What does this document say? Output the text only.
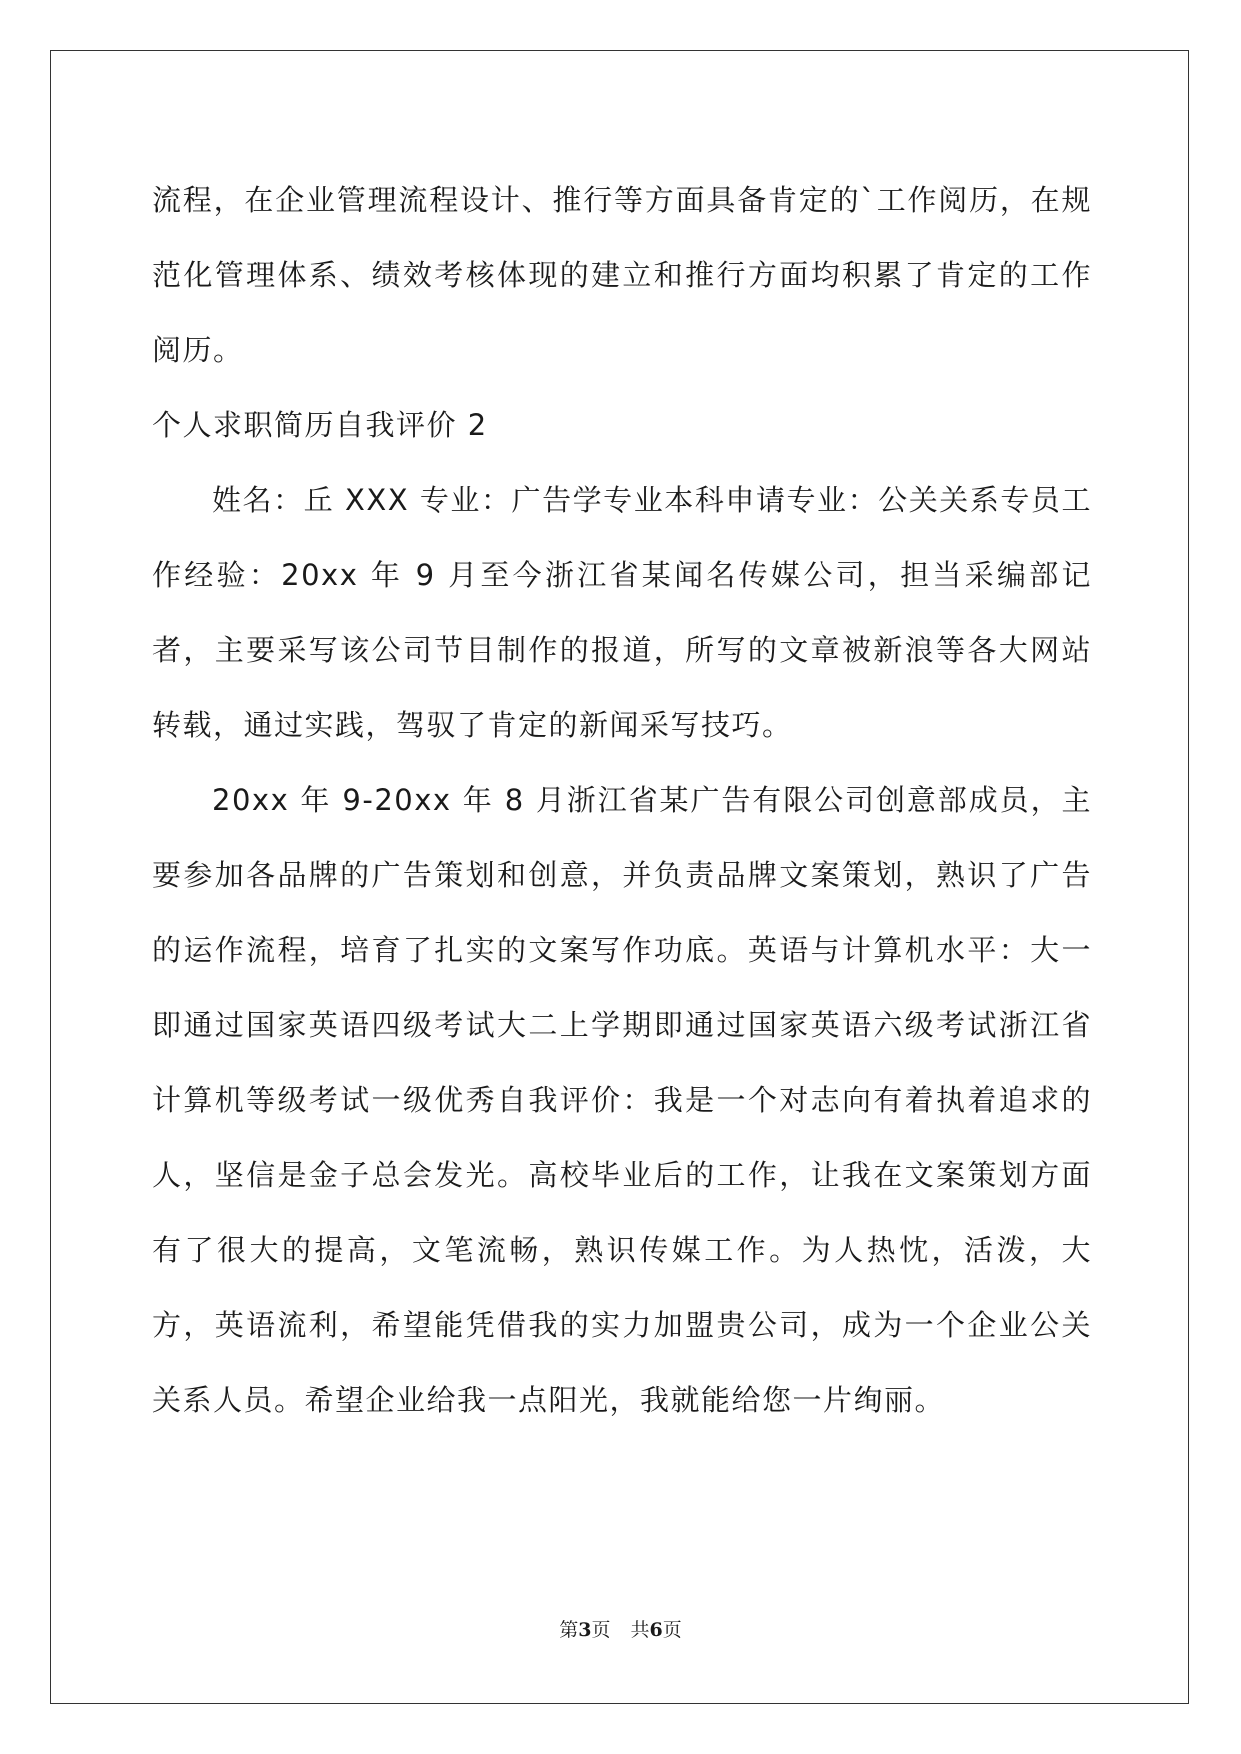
流程，在企业管理流程设计、推行等方面具备肯定的`工作阅历，在规范化管理体系、绩效考核体现的建立和推行方面均积累了肯定的工作阅历。

个人求职简历自我评价 2

姓名：丘 XXX 专业：广告学专业本科申请专业：公关关系专员工作经验：20xx 年 9 月至今浙江省某闻名传媒公司，担当采编部记者，主要采写该公司节目制作的报道，所写的文章被新浪等各大网站转载，通过实践，驾驭了肯定的新闻采写技巧。

20xx 年 9-20xx 年 8 月浙江省某广告有限公司创意部成员，主要参加各品牌的广告策划和创意，并负责品牌文案策划，熟识了广告的运作流程，培育了扎实的文案写作功底。英语与计算机水平：大一即通过国家英语四级考试大二上学期即通过国家英语六级考试浙江省计算机等级考试一级优秀自我评价：我是一个对志向有着执着追求的人，坚信是金子总会发光。高校毕业后的工作，让我在文案策划方面有了很大的提高，文笔流畅，熟识传媒工作。为人热忱，活泼，大方，英语流利，希望能凭借我的实力加盟贵公司，成为一个企业公关关系人员。希望企业给我一点阳光，我就能给您一片绚丽。

第3页 共6页
